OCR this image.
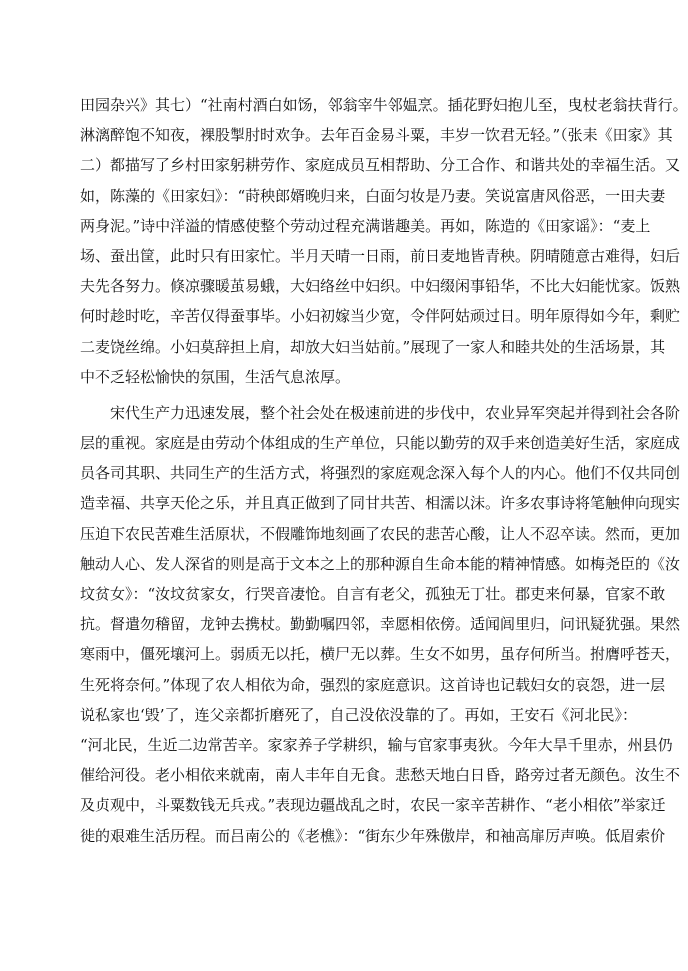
田园杂兴》其七）“社南村酒白如饧，邻翁宰牛邻媪烹。插花野妇抱儿至，曳杖老翁扶背行。
淋漓醉饱不知夜，裸股掣肘时欢争。去年百金易斗粟，丰岁一饮君无轻。”（张耒《田家》其
二）都描写了乡村田家躬耕劳作、家庭成员互相帮助、分工合作、和谐共处的幸福生活。又
如，陈藻的《田家妇》：“莳秧郎婿晚归来，白面匀妆是乃妻。笑说富唐风俗恶，一田夫妻
两身泥。”诗中洋溢的情感使整个劳动过程充满谐趣美。再如，陈造的《田家谣》：“麦上
场、蚕出筐，此时只有田家忙。半月天晴一日雨，前日麦地皆青秧。阴晴随意古难得，妇后
夫先各努力。倏凉骤暖茧易蛾，大妇络丝中妇织。中妇缀闲事铅华，不比大妇能忧家。饭熟
何时趁时吃，辛苦仅得蚕事毕。小妇初嫁当少宽，令伴阿姑顽过日。明年原得如今年，剩贮
二麦饶丝绵。小妇莫辞担上肩，却放大妇当姑前。”展现了一家人和睦共处的生活场景，其
中不乏轻松愉快的氛围，生活气息浓厚。
宋代生产力迅速发展，整个社会处在极速前进的步伐中，农业异军突起并得到社会各阶
层的重视。家庭是由劳动个体组成的生产单位，只能以勤劳的双手来创造美好生活，家庭成
员各司其职、共同生产的生活方式，将强烈的家庭观念深入每个人的内心。他们不仅共同创
造幸福、共享天伦之乐，并且真正做到了同甘共苦、相濡以沫。许多农事诗将笔触伸向现实
压迫下农民苦难生活原状，不假雕饰地刻画了农民的悲苦心酸，让人不忍卒读。然而，更加
触动人心、发人深省的则是高于文本之上的那种源自生命本能的精神情感。如梅尧臣的《汝
坟贫女》：“汝坟贫家女，行哭音凄怆。自言有老父，孤独无丁壮。郡吏来何暴，官家不敢
抗。督遣勿稽留，龙钟去携杖。勤勤嘱四邻，幸愿相依傍。适闻闾里归，问讯疑犹强。果然
寒雨中，僵死壤河上。弱质无以托，横尸无以葬。生女不如男，虽存何所当。拊膺呼苍天，
生死将奈何。”体现了农人相依为命，强烈的家庭意识。这首诗也记载妇女的哀怨，进一层
说私家也‘毁’了，连父亲都折磨死了，自己没依没靠的了。再如，王安石《河北民》：
“河北民，生近二边常苦辛。家家养子学耕织，输与官家事夷狄。今年大旱千里赤，州县仍
催给河役。老小相依来就南，南人丰年自无食。悲愁天地白日昏，路旁过者无颜色。汝生不
及贞观中，斗粟数钱无兵戎。”表现边疆战乱之时，农民一家辛苦耕作、“老小相依”举家迁
徙的艰难生活历程。而吕南公的《老樵》：“街东少年殊傲岸，和袖高扉厉声唤。低眉索价
